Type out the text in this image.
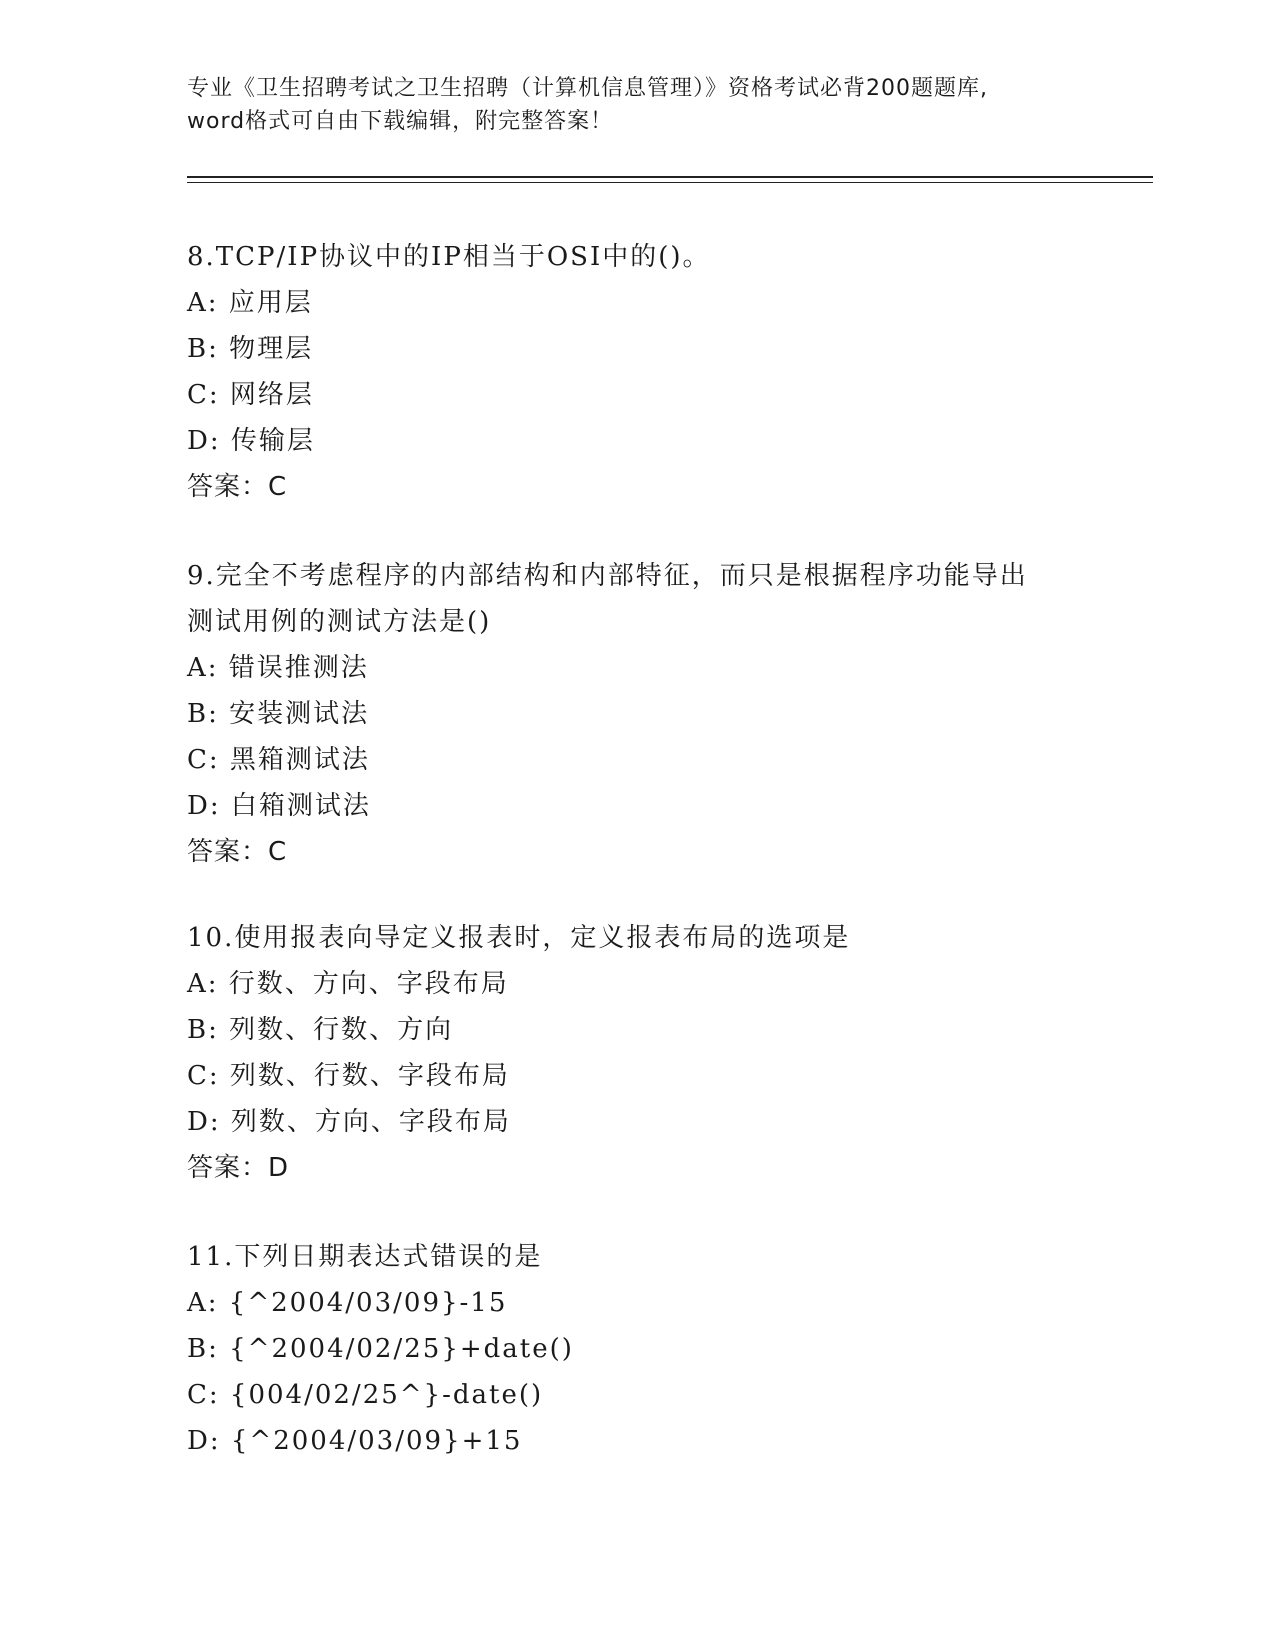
专业《卫生招聘考试之卫生招聘（计算机信息管理）》资格考试必背200题题库,

word格式可自由下载编辑，附完整答案！

8.TCP/IP协议中的IP相当于OSI中的()。
A: 应用层
B: 物理层
C: 网络层
D: 传输层
答案：C
9.完全不考虑程序的内部结构和内部特征，而只是根据程序功能导出
测试用例的测试方法是()
A: 错误推测法
B: 安装测试法
C: 黑箱测试法
D: 白箱测试法
答案：C
10.使用报表向导定义报表时，定义报表布局的选项是
A: 行数、方向、字段布局
B: 列数、行数、方向
C: 列数、行数、字段布局
D: 列数、方向、字段布局
答案：D
11.下列日期表达式错误的是
A: {^2004/03/09}-15
B: {^2004/02/25}+date()
C: {004/02/25^}-date()
D: {^2004/03/09}+15
